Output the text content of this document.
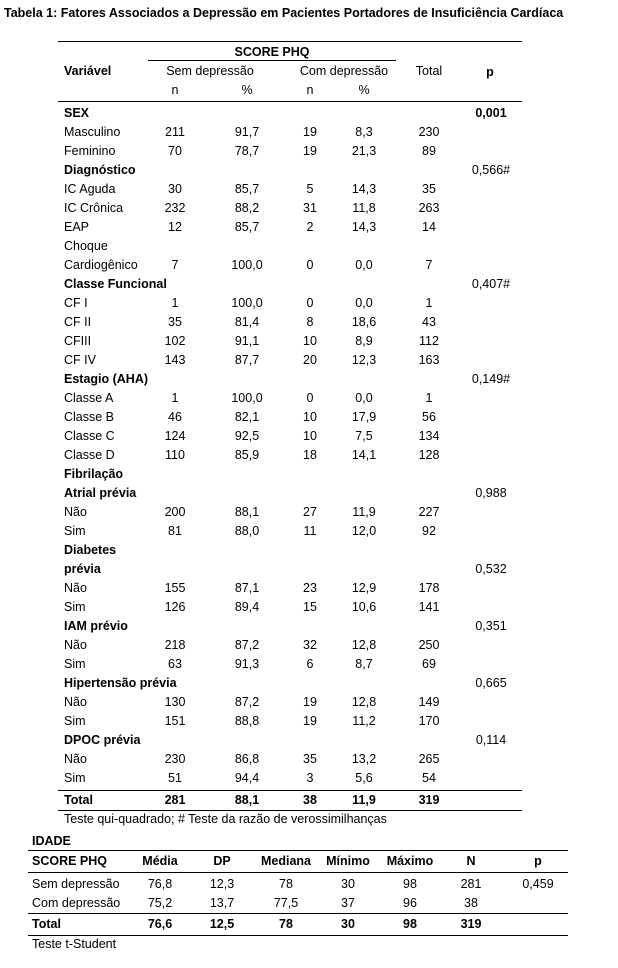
Tabela 1: Fatores Associados a Depressão em Pacientes Portadores de Insuficiência Cardíaca
SCORE PHQ
Variável	Sem depressão	Com depressão	Total	p
n	%	n	%
SEX	0,001
Masculino	211	91,7	19	8,3	230
Feminino	70	78,7	19	21,3	89
Diagnóstico	0,566#
IC Aguda	30	85,7	5	14,3	35
IC Crônica	232	88,2	31	11,8	263
EAP	12	85,7	2	14,3	14
Choque
Cardiogênico	7	100,0	0	0,0	7
Classe Funcional	0,407#
CF I	1	100,0	0	0,0	1
CF II	35	81,4	8	18,6	43
CFIII	102	91,1	10	8,9	112
CF IV	143	87,7	20	12,3	163
Estagio (AHA)	0,149#
Classe A	1	100,0	0	0,0	1
Classe B	46	82,1	10	17,9	56
Classe C	124	92,5	10	7,5	134
Classe D	110	85,9	18	14,1	128
Fibrilação
Atrial prévia	0,988
Não	200	88,1	27	11,9	227
Sim	81	88,0	11	12,0	92
Diabetes
prévia	0,532
Não	155	87,1	23	12,9	178
Sim	126	89,4	15	10,6	141
IAM prévio	0,351
Não	218	87,2	32	12,8	250
Sim	63	91,3	6	8,7	69
Hipertensão prévia	0,665
Não	130	87,2	19	12,8	149
Sim	151	88,8	19	11,2	170
DPOC prévia	0,114
Não	230	86,8	35	13,2	265
Sim	51	94,4	3	5,6	54
Total	281	88,1	38	11,9	319
Teste qui-quadrado; # Teste da razão de verossimilhanças
IDADE
SCORE PHQ	Média	DP	Mediana	Mínimo	Máximo	N	p
Sem depressão	76,8	12,3	78	30	98	281	0,459
Com depressão	75,2	13,7	77,5	37	96	38
Total	76,6	12,5	78	30	98	319
Teste t-Student
